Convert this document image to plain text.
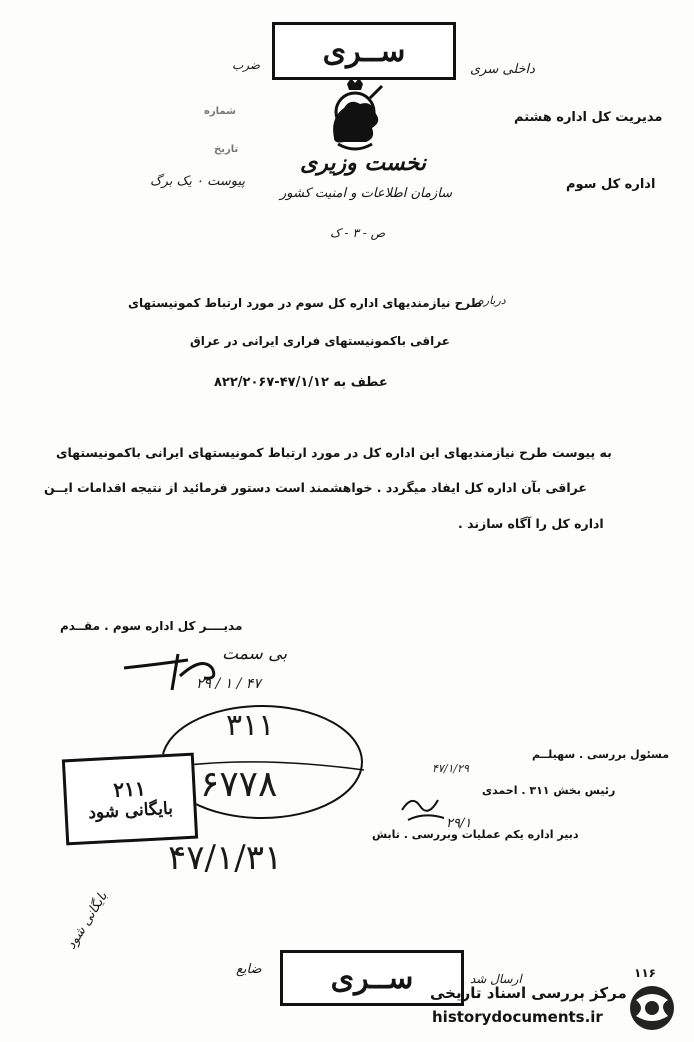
ســری
ضرب	داخلی سری
نخست وزیری
سازمان اطلاعات و امنیت کشور
ص - ۳ - ک
شماره
تاریخ
پیوست ۰ یک برگ
مدیریت کل اداره هشتم
اداره کل سوم
درباره
طرح نیازمندیهای اداره کل سوم در مورد ارتباط کمونیستهای
عراقی باکمونیستهای فراری ایرانی در عراق
عطف به ۴۷/۱/۱۲-۸۲۲/۲۰۶۷
به پیوست طرح نیازمندیهای این اداره کل در مورد ارتباط کمونیستهای ایرانی باکمونیستهای
عراقی بآن اداره کل ایفاد میگردد . خواهشمند است دستور فرمائید از نتیجه اقدامات ایــن
اداره کل را آگاه سازند .
مدیــــر کل اداره سوم . مقــدم
بی سمت
۲۹ / ۱ / ۴۷
۳۱۱
۶۷۷۸
۴۷/۱/۳۱
۲۱۱
بایگانی شود
مسئول بررسی . سهیلــم
۴۷/۱/۲۹
رئیس بخش ۳۱۱ . احمدی
۲۹/۱
دبیر اداره یکم عملیات وبررسی . تابش
بایگانی شود
ســری
ضایع
ارسال شد	۱۱۶
مرکز بررسی اسناد تاریخی
historydocuments.ir
